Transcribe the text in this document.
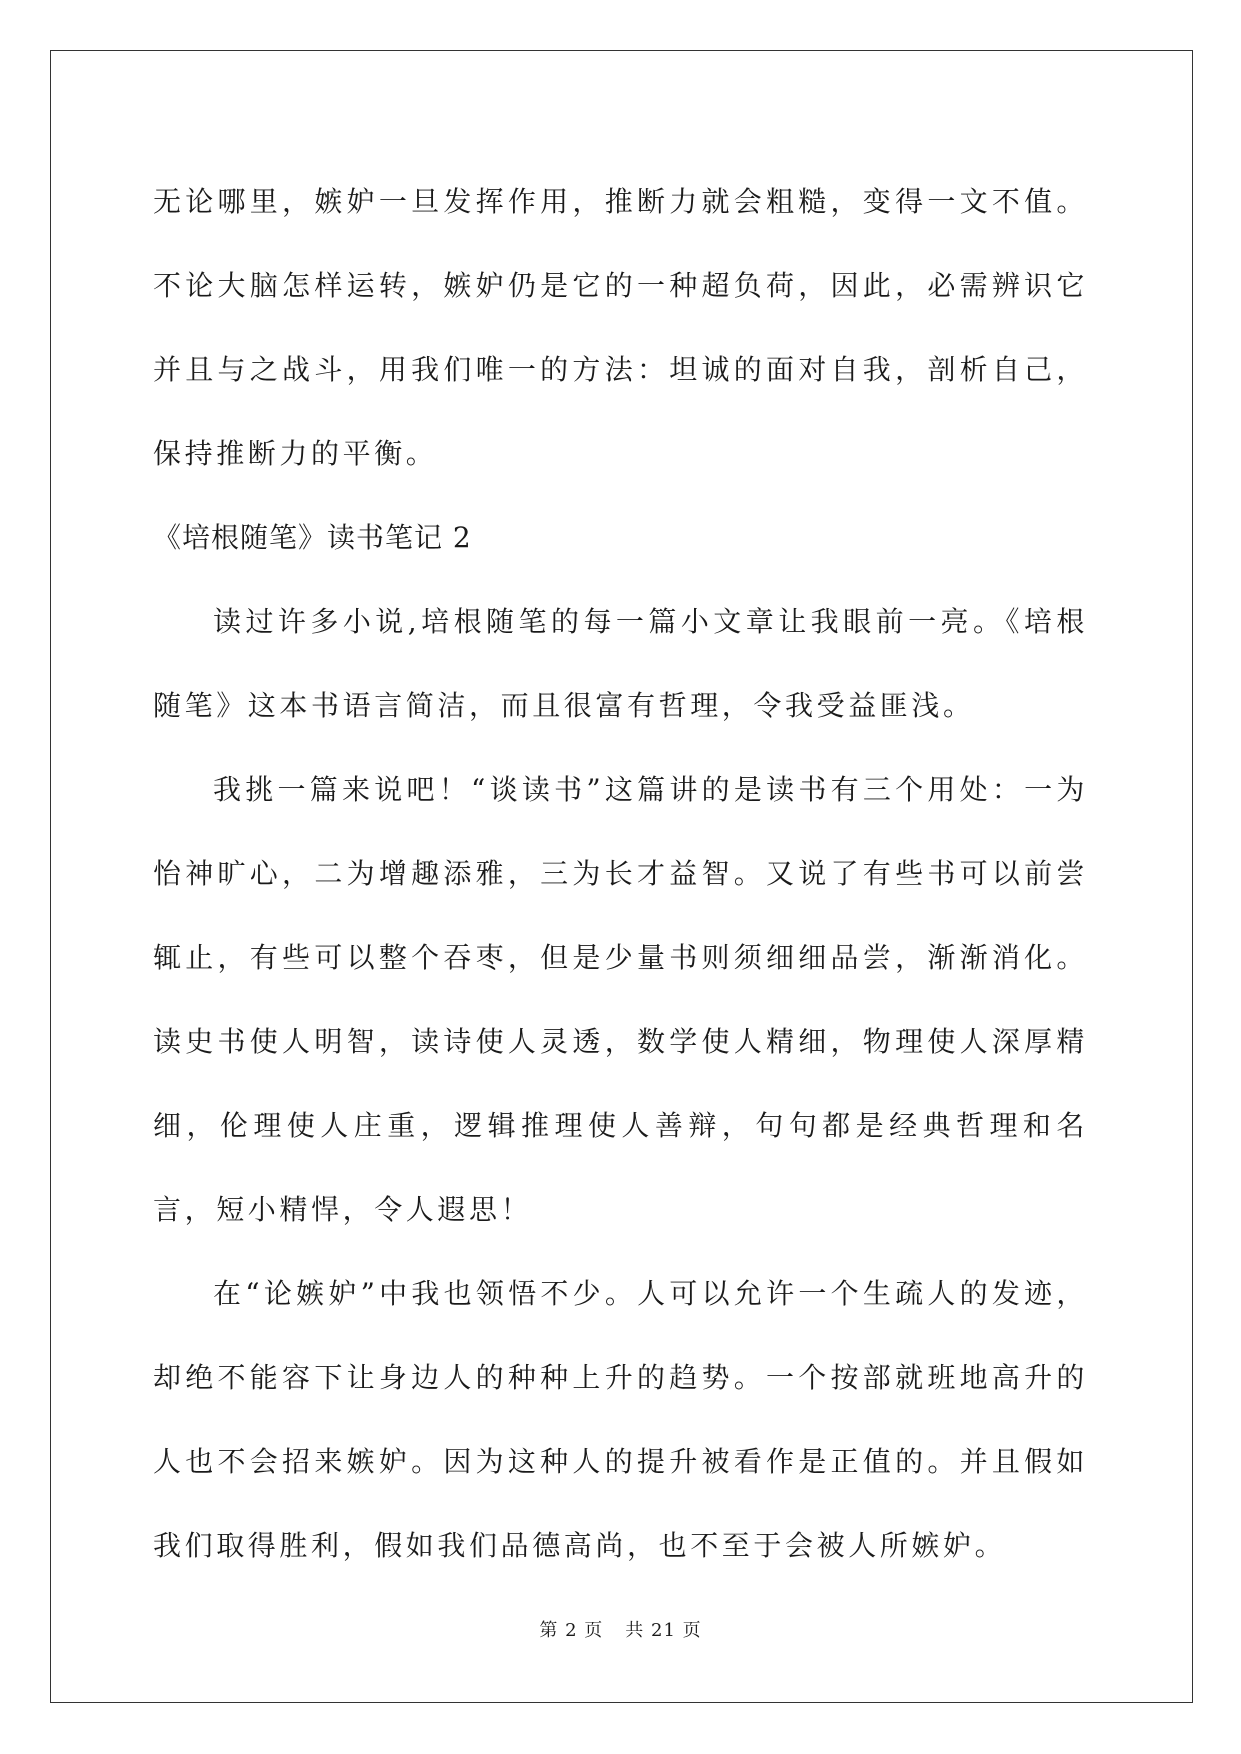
无论哪里，嫉妒一旦发挥作用，推断力就会粗糙，变得一文不值。不论大脑怎样运转，嫉妒仍是它的一种超负荷，因此，必需辨识它并且与之战斗，用我们唯一的方法：坦诚的面对自我，剖析自己，保持推断力的平衡。

《培根随笔》读书笔记 2

读过许多小说,培根随笔的每一篇小文章让我眼前一亮。《培根随笔》这本书语言简洁，而且很富有哲理，令我受益匪浅。

我挑一篇来说吧！“谈读书”这篇讲的是读书有三个用处：一为怡神旷心，二为增趣添雅，三为长才益智。又说了有些书可以前尝辄止，有些可以整个吞枣，但是少量书则须细细品尝，渐渐消化。读史书使人明智，读诗使人灵透，数学使人精细，物理使人深厚精细，伦理使人庄重，逻辑推理使人善辩，句句都是经典哲理和名言，短小精悍，令人遐思！

在“论嫉妒”中我也领悟不少。人可以允许一个生疏人的发迹，却绝不能容下让身边人的种种上升的趋势。一个按部就班地高升的人也不会招来嫉妒。因为这种人的提升被看作是正值的。并且假如我们取得胜利，假如我们品德高尚，也不至于会被人所嫉妒。

第 2 页 共 21 页
